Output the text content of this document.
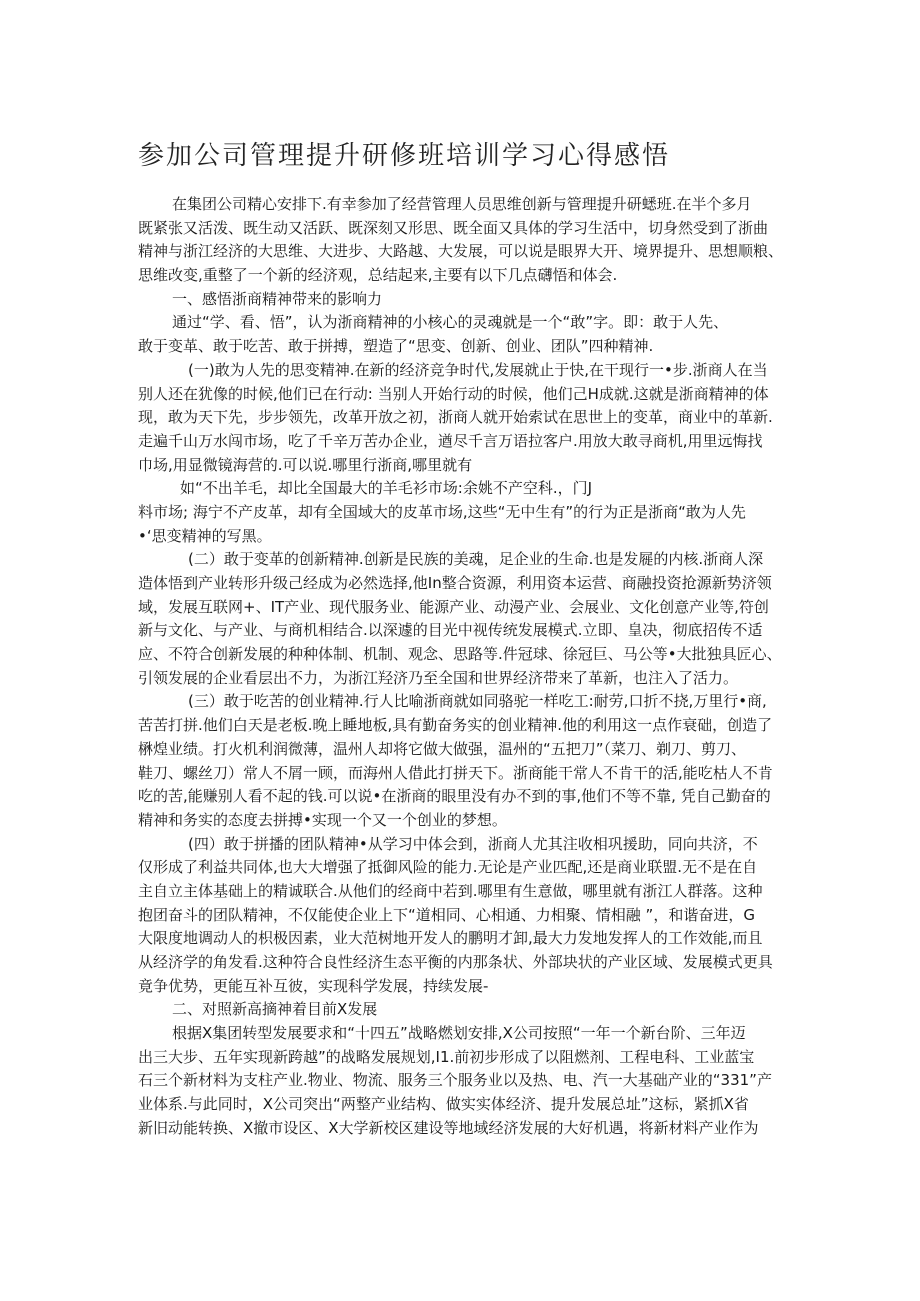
参加公司管理提升研修班培训学习心得感悟
在集团公司精心安排下.有幸参加了经营管理人员思维创新与管理提升研蟋班.在半个多月
既紧张又活泼、既生动又活跃、既深刻又形思、既全面又具体的学习生活中，切身然受到了浙曲
精神与浙江经济的大思维、大进步、大路越、大发展，可以说是眼界大开、境界提升、思想顺粮、
思维改变,重整了一个新的经济观，总结起来,主要有以下几点礴悟和体会.
一、感悟浙商精神带来的影响力
通过“学、看、悟”，认为浙商精神的小核心的灵魂就是一个“敢”字。即：敢于人先、
敢于变革、敢于吃苦、敢于拼搏，塑造了“思变、创新、创业、团队”四种精神.
(一)敢为人先的思变精神.在新的经济竞争时代,发展就止于快,在干现行一•步.浙商人在当
别人还在犹像的时候,他们已在行动: 当别人开始行动的时候，他们己H成就.这就是浙商精神的体
现，敢为天下先，步步领先，改革开放之初，浙商人就开始索试在思世上的变革，商业中的革新.
走遍千山万水闯市场，吃了千辛万苦办企业，遒尽千言万语拉客户.用放大敢寻商机,用里远悔找
巾场,用显微镜海营的.可以说.哪里行浙商,哪里就有
如“不出羊毛，却比全国最大的羊毛衫市场:余姚不产空科.，门J
料市场; 海宁不产皮革，却有全国域大的皮革市场,这些“无中生有”的行为正是浙商“敢为人先
•‘思变精神的写黑。
(二）敢于变革的创新精神.创新是民族的美魂，足企业的生命.也是发屣的内核.浙商人深
造体悟到产业转形升级己经成为必然选择,他In整合资源，利用资本运营、商融投资抢源新势济领
域，发展互联网+、IT产业、现代服务业、能源产业、动漫产业、会展业、文化创意产业等,符创
新与文化、与产业、与商机相结合.以深遽的目光中视传统发展模式.立即、皇决，彻底招传不适
应、不符合创新发展的种种体制、机制、观念、思路等.件冠球、徐冠巨、马公等•大批独具匠心、
引领发展的企业看层出不力，为浙江羟济乃至全国和世界经济带来了革新，也注入了活力。
(三）敢于吃苦的创业精神.行人比喻浙商就如同骆驼一样吃工:耐劳,口折不挠,万里行•商,
苦苦打拼.他们白天是老板.晚上睡地板,具有勤奋务实的创业精神.他的利用这一点作衰础，创造了
楙煌业绩。打火机利润微薄，温州人却将它做大做强，温州的“五把刀”（菜刀、剃刀、剪刀、
鞋刀、螺丝刀）常人不屑一顾，而海州人借此打拼天下。浙商能干常人不肯干的活,能吃枯人不肯
吃的苦,能赚别人看不起的钱.可以说•在浙商的眼里没有办不到的事,他们不等不靠, 凭自己勤奋的
精神和务实的态度去拼搏•实现一个又一个创业的梦想。
(四）敢于拼播的团队精神•从学习中体会到，浙商人尤其注收相巩援助，同向共济，不
仅形成了利益共同体,也大大增强了抵御风险的能力.无论是产业匹配,还是商业联盟.无不是在自
主自立主体基础上的精诚联合.从他们的经商中若到.哪里有生意做，哪里就有浙江人群落。这种
抱团奋斗的团队精神，不仅能使企业上下“道相同、心相通、力相聚、情相融 ”，和谐奋进，G
大限度地调动人的枳极因素，业大范树地开发人的鹏明才卸,最大力发地发挥人的工作效能,而且
从经济学的角发看.这种符合良性经济生态平衡的内那条状、外部块状的产业区域、发展模式更具
竟争优势，更能互补互彼，实现科学发展，持续发展-
二、对照新高摘神着目前X发展
根据X集团转型发展要求和“十四五”战略燃划安排,X公司按照“一年一个新台阶、三年迈
出三大步、五年实现新跨越”的战略发展规划,I1.前初步形成了以阻燃剂、工程电科、工业蓝宝
石三个新材料为支柱产业.物业、物流、服务三个服务业以及热、电、汽一大基础产业的“331”产
业体系.与此同时，X公司突出“两整产业结构、做实实体经济、提升发展总址”这标，紧抓X省
新旧动能转换、X撤市设区、X大学新校区建设等地域经济发展的大好机遇，将新材料产业作为
